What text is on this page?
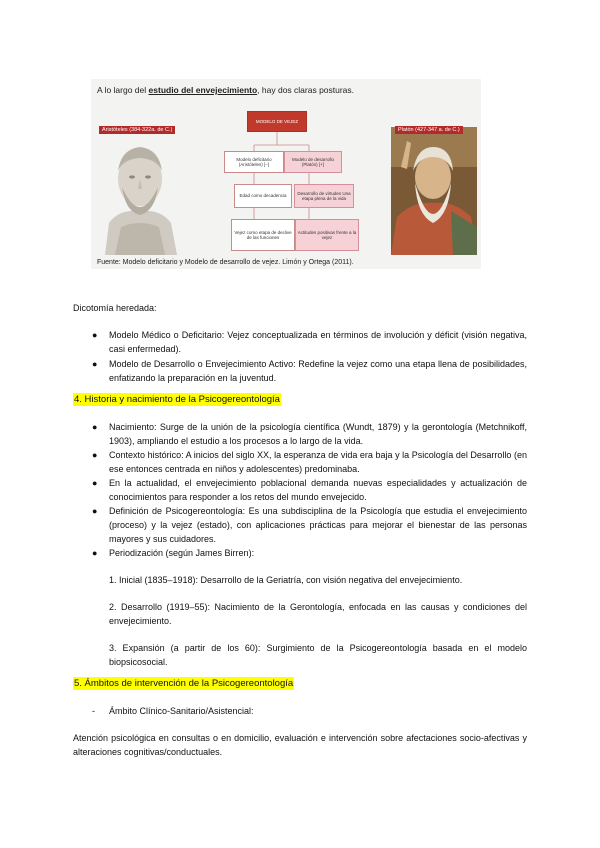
A lo largo del estudio del envejecimiento, hay dos claras posturas.
Aristóteles (384-322a. de C.)	Platón (427-347 a. de C.)
MODELO DE VEJEZ
Modelo deficitario (Aristóteles) [−]
Modelo de desarrollo (Platón) [+]
Edad como decadencia
Desarrollo de virtudes Una etapa plena de la vida
Vejez como etapa de declive de las funciones
Actitudes positivas frente a la vejez
Fuente: Modelo deficitario y Modelo de desarrollo de vejez. Limón y Ortega (2011).
Dicotomía heredada:
● Modelo Médico o Deficitario: Vejez conceptualizada en términos de involución y déficit (visión negativa, casi enfermedad).
● Modelo de Desarrollo o Envejecimiento Activo: Redefine la vejez como una etapa llena de posibilidades, enfatizando la preparación en la juventud.
4. Historia y nacimiento de la Psicogereontología
● Nacimiento: Surge de la unión de la psicología científica (Wundt, 1879) y la gerontología (Metchnikoff, 1903), ampliando el estudio a los procesos a lo largo de la vida.
● Contexto histórico: A inicios del siglo XX, la esperanza de vida era baja y la Psicología del Desarrollo (en ese entonces centrada en niños y adolescentes) predominaba.
● En la actualidad, el envejecimiento poblacional demanda nuevas especialidades y actualización de conocimientos para responder a los retos del mundo envejecido.
● Definición de Psicogereontología: Es una subdisciplina de la Psicología que estudia el envejecimiento (proceso) y la vejez (estado), con aplicaciones prácticas para mejorar el bienestar de las personas mayores y sus cuidadores.
● Periodización (según James Birren):
1. Inicial (1835–1918): Desarrollo de la Geriatría, con visión negativa del envejecimiento.
2. Desarrollo (1919–55): Nacimiento de la Gerontología, enfocada en las causas y condiciones del envejecimiento.
3. Expansión (a partir de los 60): Surgimiento de la Psicogereontología basada en el modelo biopsicosocial.
5. Ámbitos de intervención de la Psicogereontología
- Ámbito Clínico-Sanitario/Asistencial:
Atención psicológica en consultas o en domicilio, evaluación e intervención sobre afectaciones socio-afectivas y alteraciones cognitivas/conductuales.
